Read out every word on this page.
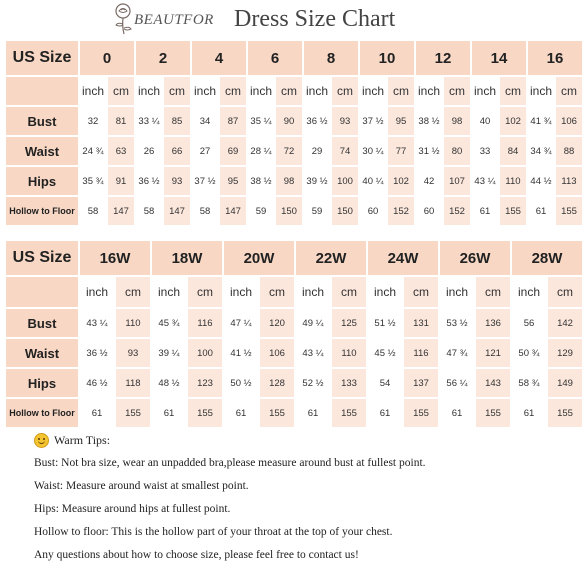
BEAUTFOR Dress Size Chart
US Size	0		2		4		6		8		10		12		14		16	
	inch	cm	inch	cm	inch	cm	inch	cm	inch	cm	inch	cm	inch	cm	inch	cm	inch	cm
Bust	32	81	33 ¼	85	34	87	35 ¼	90	36 ½	93	37 ½	95	38 ½	98	40	102	41 ¾	106
Waist	24 ¾	63	26	66	27	69	28 ¼	72	29	74	30 ¼	77	31 ½	80	33	84	34 ¾	88
Hips	35 ¾	91	36 ½	93	37 ½	95	38 ½	98	39 ½	100	40 ¼	102	42	107	43 ¼	110	44 ½	113
Hollow to Floor	58	147	58	147	58	147	59	150	59	150	60	152	60	152	61	155	61	155
US Size	16W		18W		20W		22W		24W		26W		28W	
	inch	cm	inch	cm	inch	cm	inch	cm	inch	cm	inch	cm	inch	cm
Bust	43 ¼	110	45 ¾	116	47 ¼	120	49 ¼	125	51 ½	131	53 ½	136	56	142
Waist	36 ½	93	39 ¼	100	41 ½	106	43 ¼	110	45 ½	116	47 ¾	121	50 ¾	129
Hips	46 ½	118	48 ½	123	50 ½	128	52 ½	133	54	137	56 ¼	143	58 ¾	149
Hollow to Floor	61	155	61	155	61	155	61	155	61	155	61	155	61	155
Warm Tips:
Bust: Not bra size, wear an unpadded bra,please measure around bust at fullest point.
Waist: Measure around waist at smallest point.
Hips: Measure around hips at fullest point.
Hollow to floor: This is the hollow part of your throat at the top of your chest.
Any questions about how to choose size, please feel free to contact us!
